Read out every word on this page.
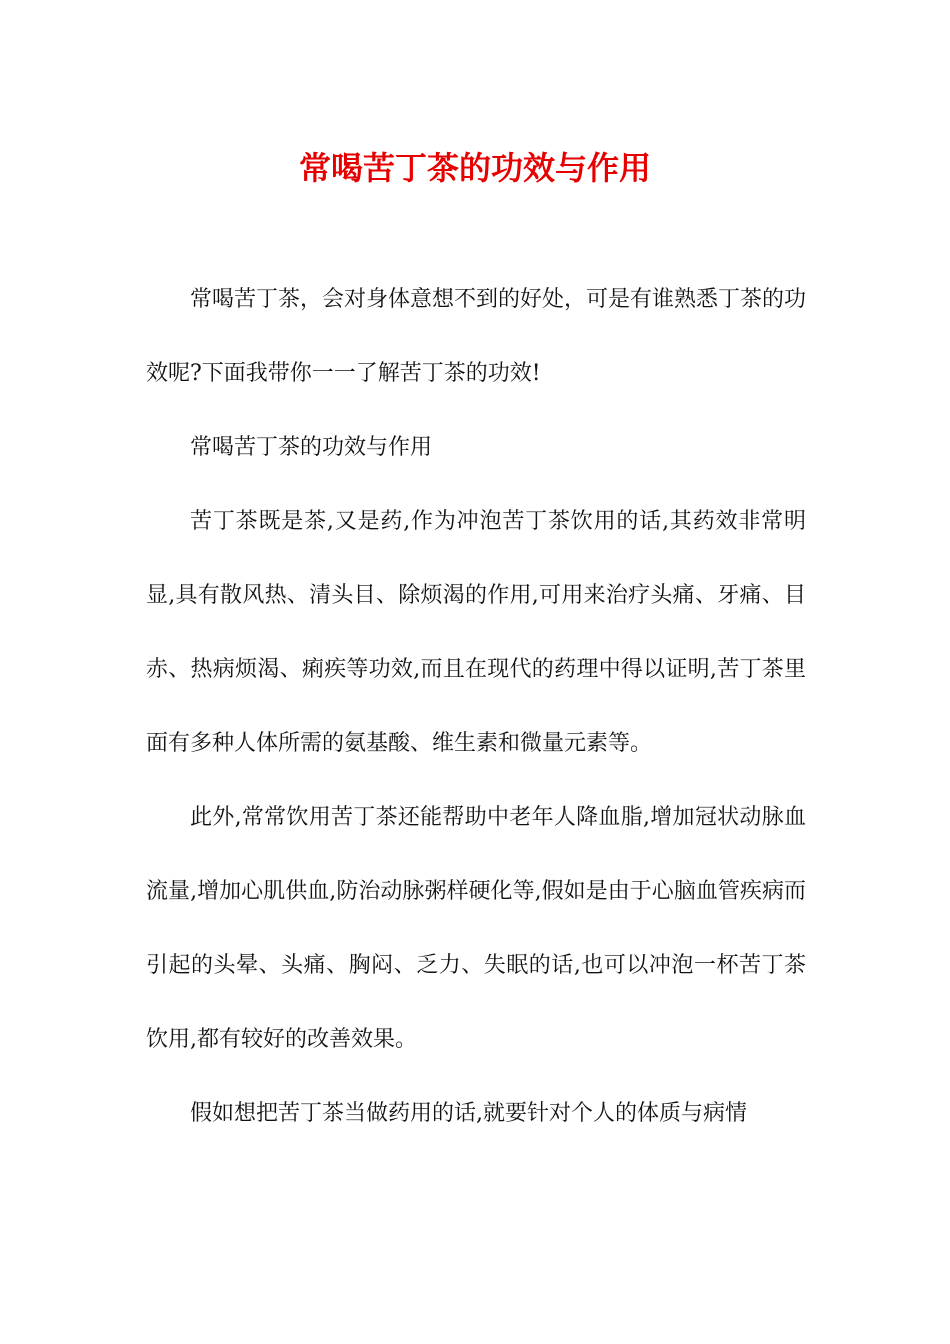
常喝苦丁茶的功效与作用

常喝苦丁茶，会对身体意想不到的好处，可是有谁熟悉丁茶的功效呢?下面我带你一一了解苦丁茶的功效!

常喝苦丁茶的功效与作用

苦丁茶既是茶,又是药,作为冲泡苦丁茶饮用的话,其药效非常明显,具有散风热、清头目、除烦渴的作用,可用来治疗头痛、牙痛、目赤、热病烦渴、痢疾等功效,而且在现代的药理中得以证明,苦丁茶里面有多种人体所需的氨基酸、维生素和微量元素等。

此外,常常饮用苦丁茶还能帮助中老年人降血脂,增加冠状动脉血流量,增加心肌供血,防治动脉粥样硬化等,假如是由于心脑血管疾病而引起的头晕、头痛、胸闷、乏力、失眠的话,也可以冲泡一杯苦丁茶饮用,都有较好的改善效果。

假如想把苦丁茶当做药用的话,就要针对个人的体质与病情
